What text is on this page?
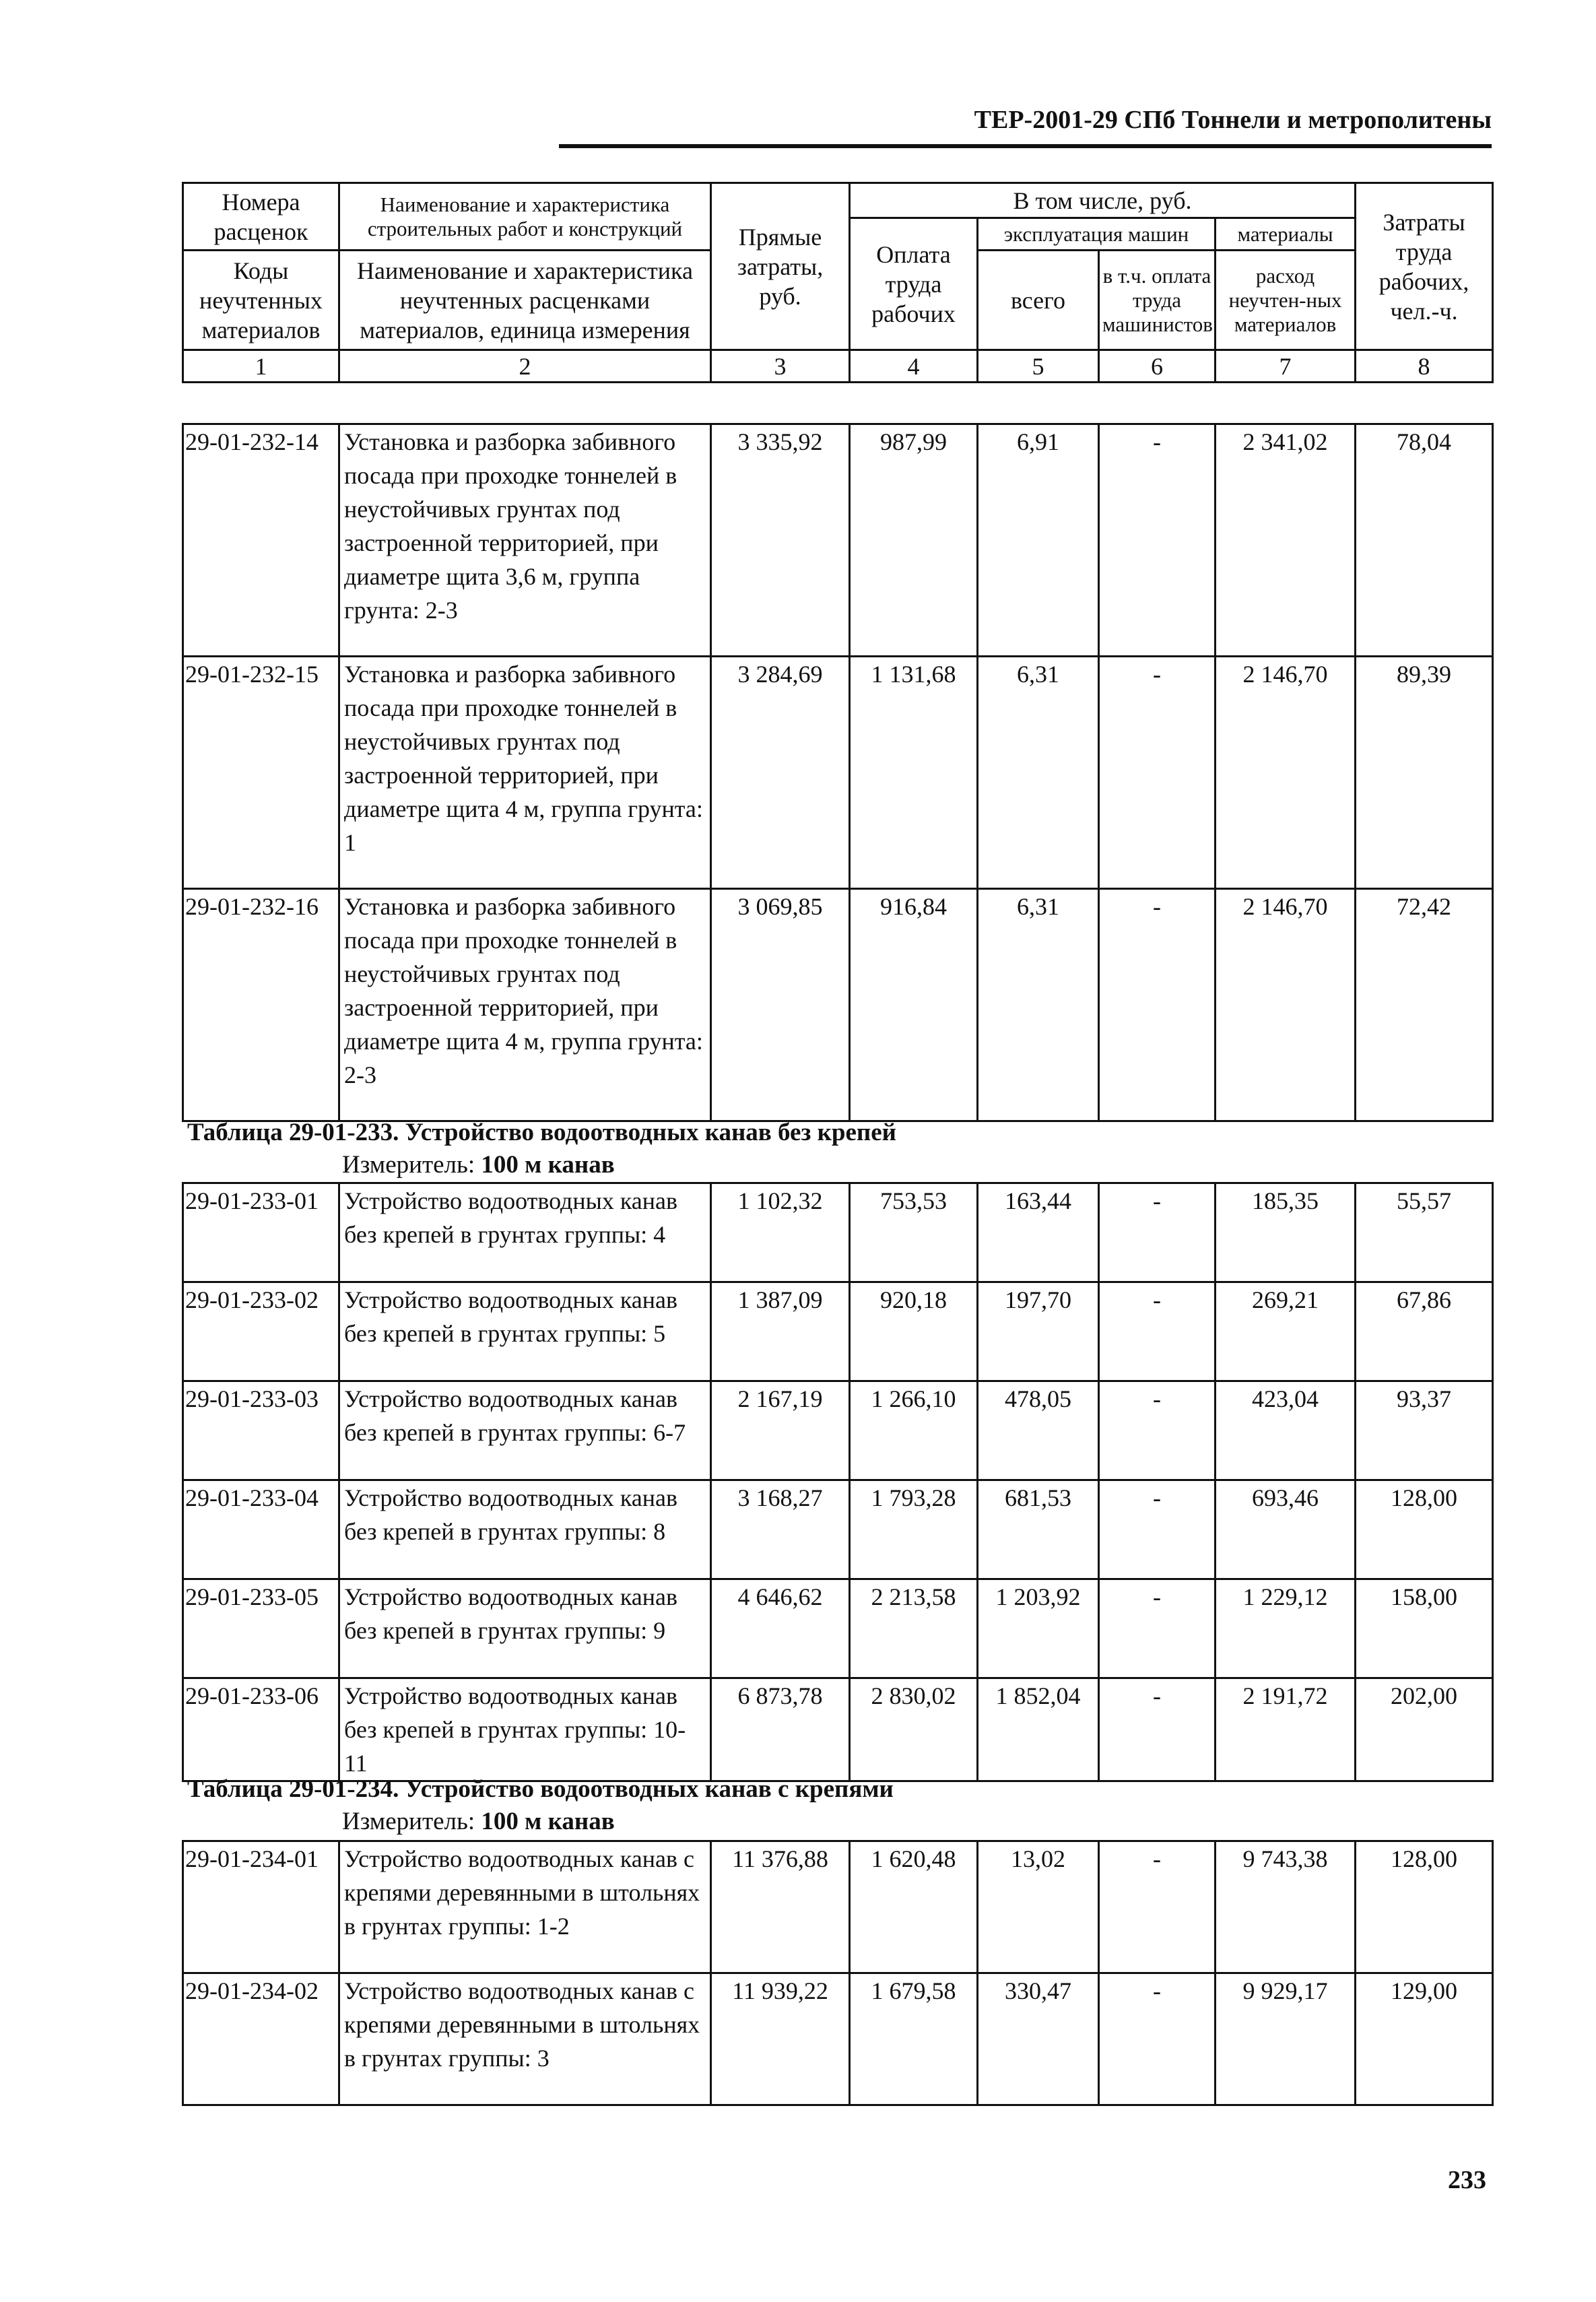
ТЕР-2001-29 СПб Тоннели и метрополитены
Номера расценок	Наименование и характеристика строительных работ и конструкций	Прямые затраты, руб.	В том числе, руб.				Затраты труда рабочих, чел.-ч.
			Оплата труда рабочих	эксплуатация машин		материалы	
Коды неучтенных материалов	Наименование и характеристика неучтенных расценками материалов, единица измерения			всего	в т.ч. оплата труда машинистов	расход неучтен-ных материалов	

1	2	3	4	5	6	7	8
29-01-232-14	Установка и разборка забивного посада при проходке тоннелей в неустойчивых грунтах под застроенной территорией, при диаметре щита 3,6 м, группа грунта: 2-3	3 335,92	987,99	6,91	-	2 341,02	78,04
29-01-232-15	Установка и разборка забивного посада при проходке тоннелей в неустойчивых грунтах под застроенной территорией, при диаметре щита 4 м, группа грунта: 1	3 284,69	1 131,68	6,31	-	2 146,70	89,39
29-01-232-16	Установка и разборка забивного посада при проходке тоннелей в неустойчивых грунтах под застроенной территорией, при диаметре щита 4 м, группа грунта: 2-3	3 069,85	916,84	6,31	-	2 146,70	72,42
Таблица 29-01-233. Устройство водоотводных канав без крепей
Измеритель: 100 м канав
29-01-233-01	Устройство водоотводных канав без крепей в грунтах группы: 4	1 102,32	753,53	163,44	-	185,35	55,57
29-01-233-02	Устройство водоотводных канав без крепей в грунтах группы: 5	1 387,09	920,18	197,70	-	269,21	67,86
29-01-233-03	Устройство водоотводных канав без крепей в грунтах группы: 6-7	2 167,19	1 266,10	478,05	-	423,04	93,37
29-01-233-04	Устройство водоотводных канав без крепей в грунтах группы: 8	3 168,27	1 793,28	681,53	-	693,46	128,00
29-01-233-05	Устройство водоотводных канав без крепей в грунтах группы: 9	4 646,62	2 213,58	1 203,92	-	1 229,12	158,00
29-01-233-06	Устройство водоотводных канав без крепей в грунтах группы: 10-11	6 873,78	2 830,02	1 852,04	-	2 191,72	202,00
Таблица 29-01-234. Устройство водоотводных канав с крепями
Измеритель: 100 м канав
29-01-234-01	Устройство водоотводных канав с крепями деревянными в штольнях в грунтах группы: 1-2	11 376,88	1 620,48	13,02	-	9 743,38	128,00
29-01-234-02	Устройство водоотводных канав с крепями деревянными в штольнях в грунтах группы: 3	11 939,22	1 679,58	330,47	-	9 929,17	129,00
233
